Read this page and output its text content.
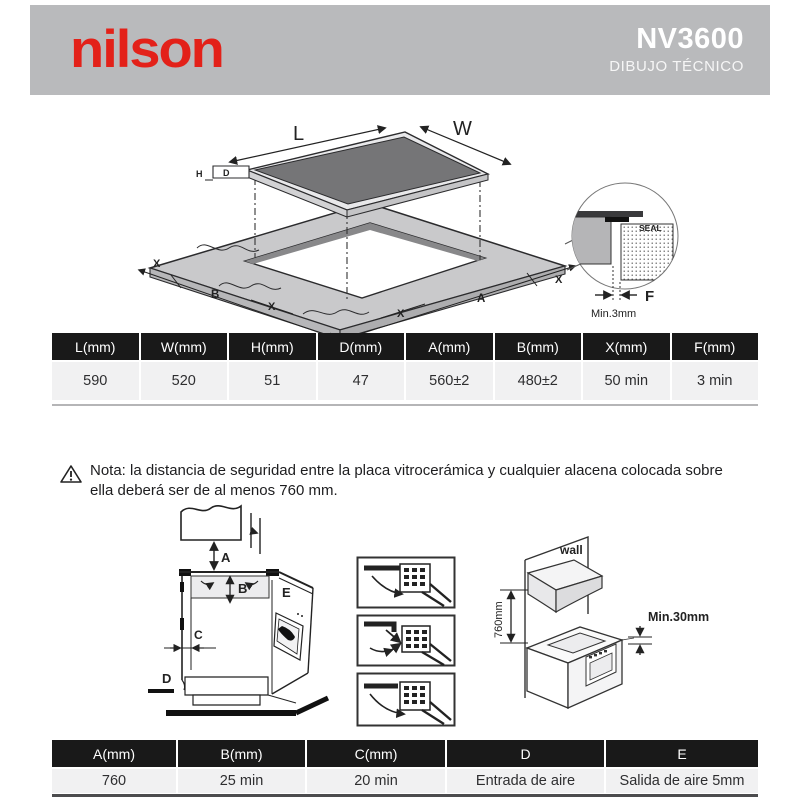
nilson	NV3600
DIBUJO TÉCNICO
D
H
L	W
B	A
X
X
X
X
SEAL
F
Min.3mm
L(mm)	W(mm)	H(mm)	D(mm)	A(mm)	B(mm)	X(mm)	F(mm)
590	520	51	47	560±2	480±2	50 min	3 min
Nota: la distancia de seguridad entre la placa vitrocerámica y cualquier alacena colocada sobre
ella deberá ser de al menos 760 mm.
A
B	E
C
D
wall
760mm	Min.30mm
A(mm)	B(mm)	C(mm)	D	E
760	25 min	20 min	Entrada de aire	Salida de aire 5mm
